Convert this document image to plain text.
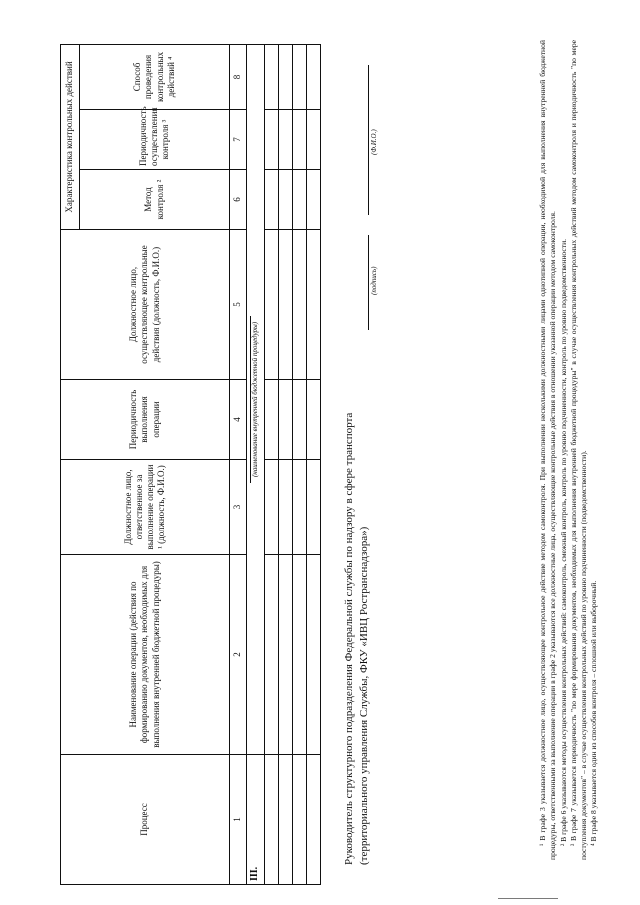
Процесс	Наименование операции (действия по формированию документов, необходимых для выполнения внутренней бюджетной процедуры)	Должностное лицо, ответственное за выполнение операции ¹ (должность, Ф.И.О.)	Периодичность выполнения операции	Должностное лицо, осуществляющее контрольные действия (должность, Ф.И.О.)	Характеристика контрольных действий		
					Метод контроля ²	Периодичность осуществления контроля ³	Способ проведения контрольных действий ⁴
1	2	3	4	5	6	7	8
III.	(наименование внутренней бюджетной процедуры)						

Руководитель структурного подразделения Федеральной службы по надзору в сфере транспорта (территориального управления Службы, ФКУ «ИВЦ Ространснадзора»)
(подпись)
(Ф.И.О.)	¹ В графе 3 указывается должностное лицо, осуществляющее контрольное действие методом самоконтроля. При выполнении несколькими должностными лицами однотипной операции, необходимой для выполнения внутренней бюджетной процедуры, ответственными за выполнение операции в графе 2 указываются все должностные лица, осуществляющие контрольные действия в отношении указанной операции методом самоконтроля. ² В графе 6 указываются методы осуществления контрольных действий: самоконтроль, смежный контроль, контроль по уровню подчиненности, контроль по уровню подведомственности. ³ В графе 7 указывается периодичность "по мере формирования документов, необходимых для выполнения внутренней бюджетной процедуры" в случае осуществления контрольных действий методом самоконтроля и периодичность "по мере поступления документов" – в случае осуществления контрольных действий по уровню подчиненности (подведомственности). ⁴ В графе 8 указывается один из способов контроля – сплошной или выборочный.
